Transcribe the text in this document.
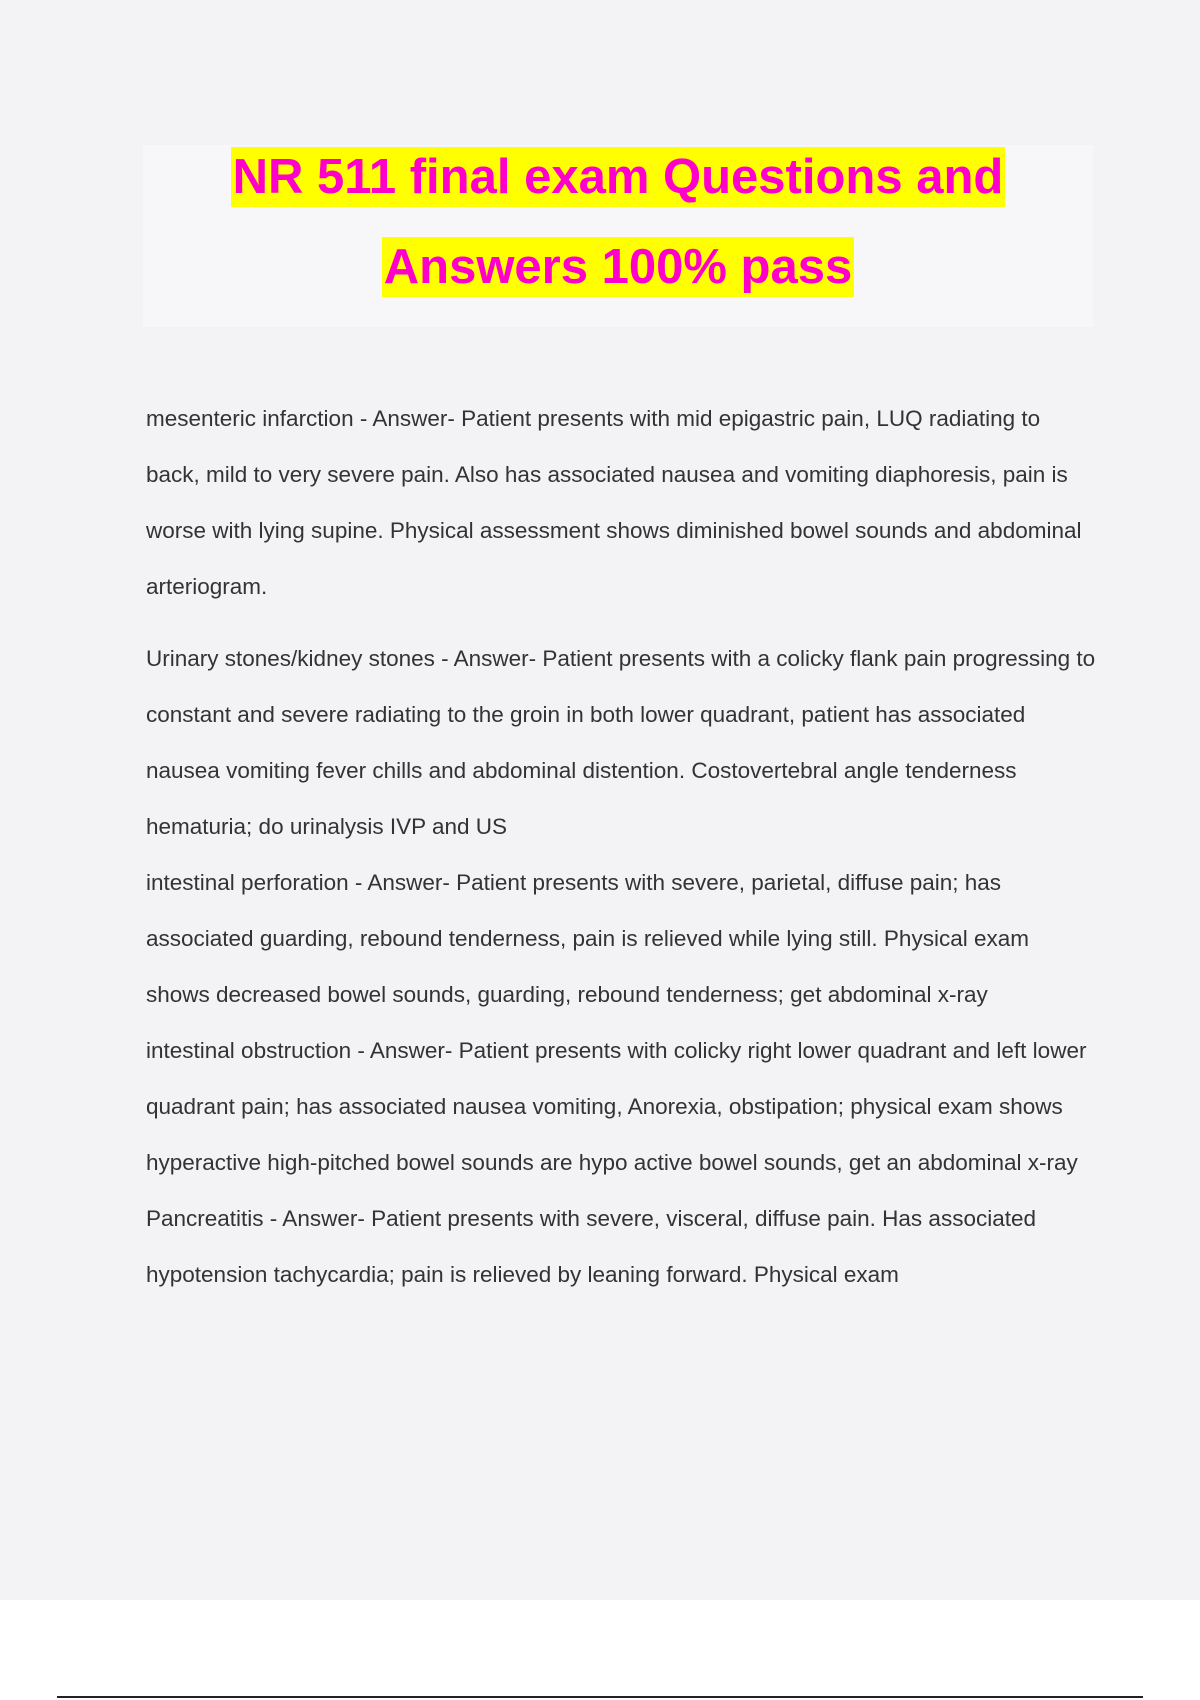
NR 511 final exam Questions and
Answers 100% pass

mesenteric infarction - Answer- Patient presents with mid epigastric pain, LUQ radiating to back, mild to very severe pain. Also has associated nausea and vomiting diaphoresis, pain is worse with lying supine. Physical assessment shows diminished bowel sounds and abdominal arteriogram.

Urinary stones/kidney stones - Answer- Patient presents with a colicky flank pain progressing to constant and severe radiating to the groin in both lower quadrant, patient has associated nausea vomiting fever chills and abdominal distention. Costovertebral angle tenderness hematuria; do urinalysis IVP and US

intestinal perforation - Answer- Patient presents with severe, parietal, diffuse pain; has associated guarding, rebound tenderness, pain is relieved while lying still. Physical exam shows decreased bowel sounds, guarding, rebound tenderness; get abdominal x-ray

intestinal obstruction - Answer- Patient presents with colicky right lower quadrant and left lower quadrant pain; has associated nausea vomiting, Anorexia, obstipation; physical exam shows hyperactive high-pitched bowel sounds are hypo active bowel sounds, get an abdominal x-ray

Pancreatitis - Answer- Patient presents with severe, visceral, diffuse pain. Has associated hypotension tachycardia; pain is relieved by leaning forward. Physical exam
